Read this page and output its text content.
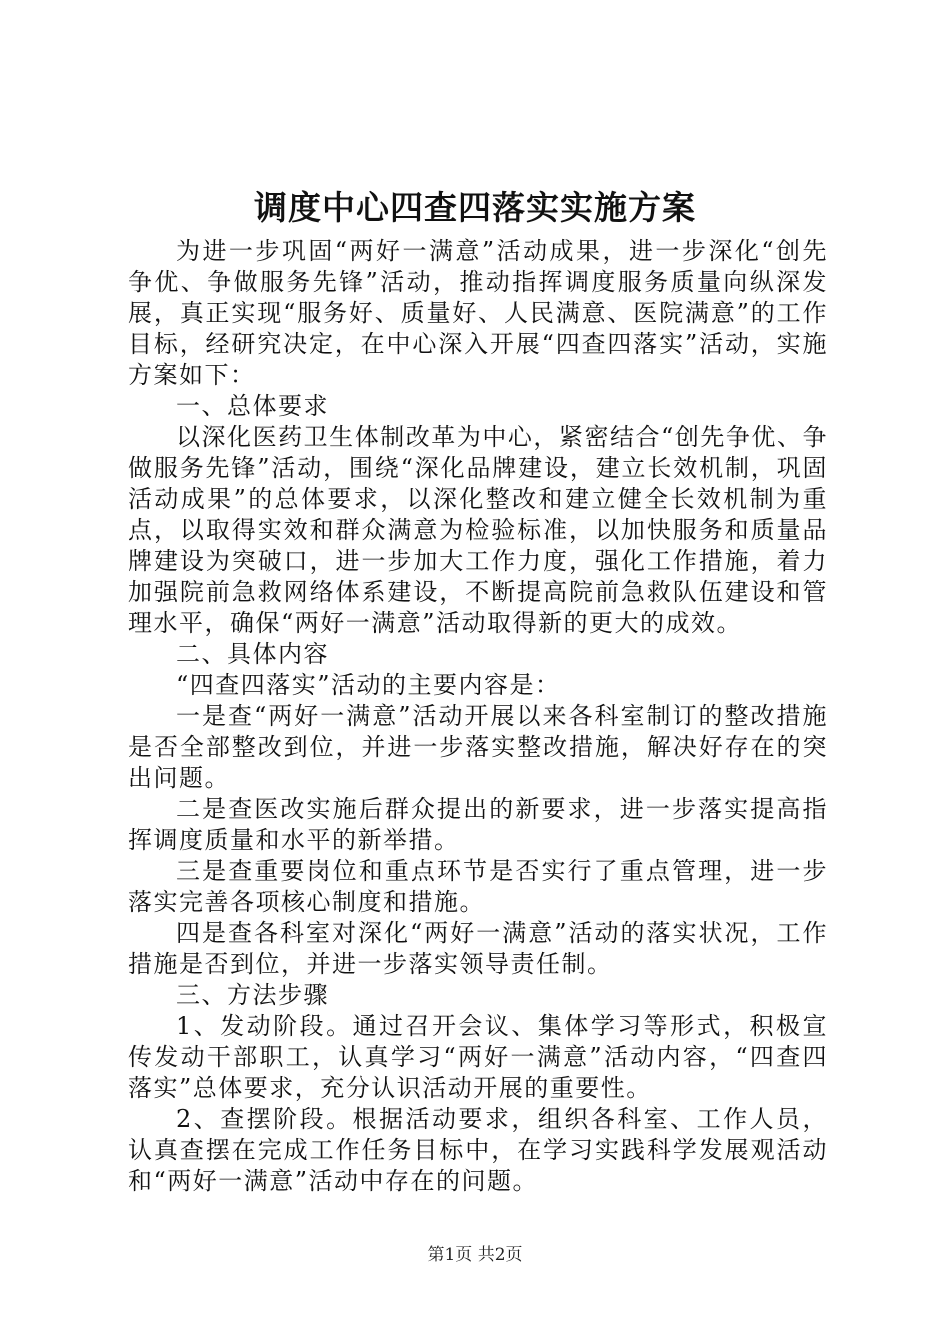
调度中心四查四落实实施方案

为进一步巩固“两好一满意”活动成果，进一步深化“创先争优、争做服务先锋”活动，推动指挥调度服务质量向纵深发展，真正实现“服务好、质量好、人民满意、医院满意”的工作目标，经研究决定，在中心深入开展“四查四落实”活动，实施方案如下：

一、总体要求

以深化医药卫生体制改革为中心，紧密结合“创先争优、争做服务先锋”活动，围绕“深化品牌建设，建立长效机制，巩固活动成果”的总体要求，以深化整改和建立健全长效机制为重点，以取得实效和群众满意为检验标准，以加快服务和质量品牌建设为突破口，进一步加大工作力度，强化工作措施，着力加强院前急救网络体系建设，不断提高院前急救队伍建设和管理水平，确保“两好一满意”活动取得新的更大的成效。

二、具体内容

“四查四落实”活动的主要内容是：

一是查“两好一满意”活动开展以来各科室制订的整改措施是否全部整改到位，并进一步落实整改措施，解决好存在的突出问题。

二是查医改实施后群众提出的新要求，进一步落实提高指挥调度质量和水平的新举措。

三是查重要岗位和重点环节是否实行了重点管理，进一步落实完善各项核心制度和措施。

四是查各科室对深化“两好一满意”活动的落实状况，工作措施是否到位，并进一步落实领导责任制。

三、方法步骤

1、发动阶段。通过召开会议、集体学习等形式，积极宣传发动干部职工，认真学习“两好一满意”活动内容，“四查四落实”总体要求，充分认识活动开展的重要性。

2、查摆阶段。根据活动要求，组织各科室、工作人员，认真查摆在完成工作任务目标中，在学习实践科学发展观活动和“两好一满意”活动中存在的问题。

第1页 共2页
